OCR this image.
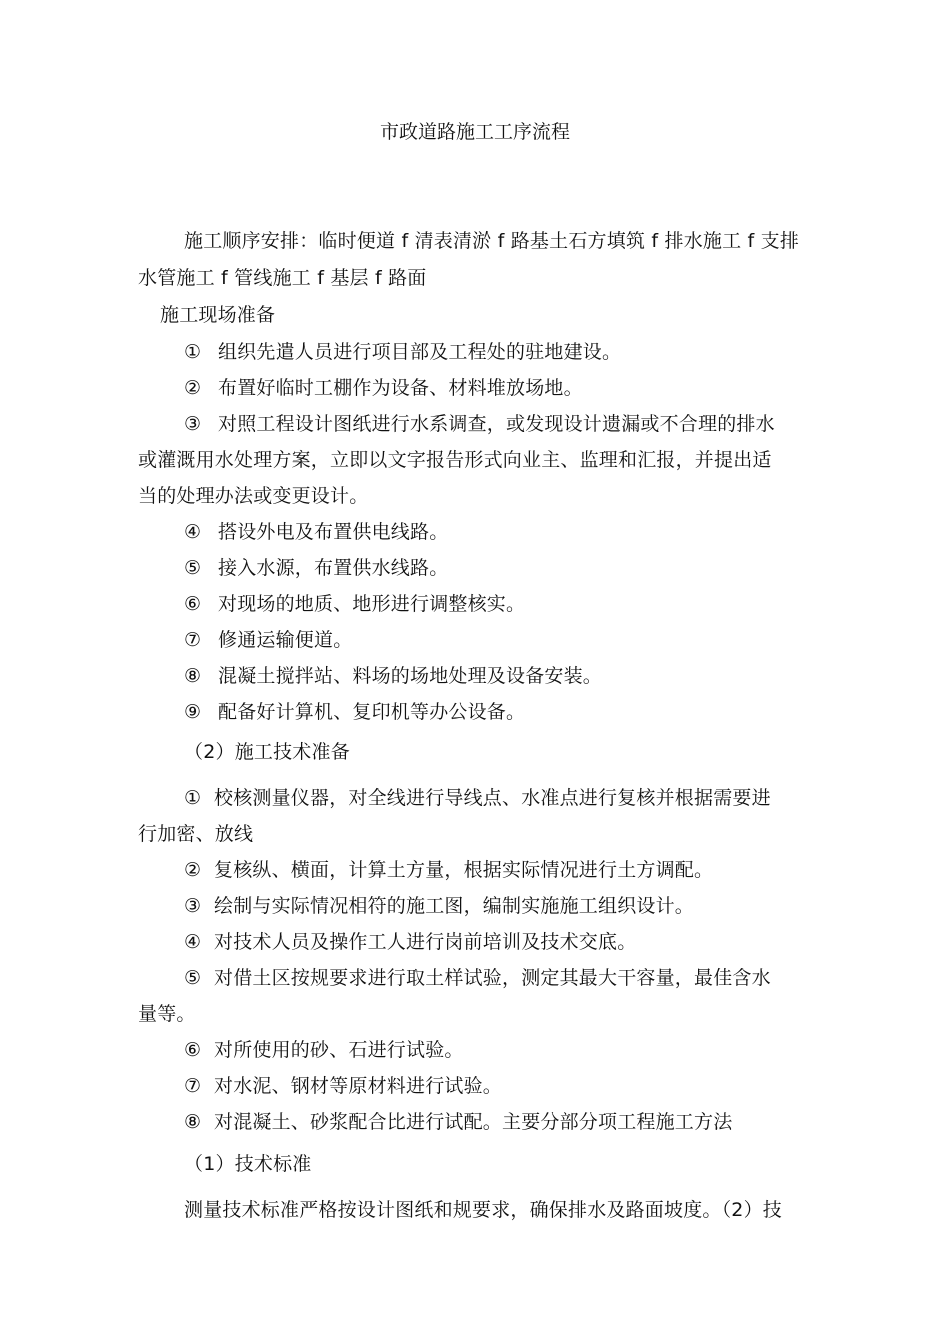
市政道路施工工序流程
施工顺序安排：临时便道 f 清表清淤 f 路基土石方填筑 f 排水施工 f 支排
水管施工 f 管线施工 f 基层 f 路面
施工现场准备
① 组织先遣人员进行项目部及工程处的驻地建设。
② 布置好临时工棚作为设备、材料堆放场地。
③ 对照工程设计图纸进行水系调查，或发现设计遗漏或不合理的排水
或灌溉用水处理方案，立即以文字报告形式向业主、监理和汇报，并提出适
当的处理办法或变更设计。
④ 搭设外电及布置供电线路。
⑤ 接入水源，布置供水线路。
⑥ 对现场的地质、地形进行调整核实。
⑦ 修通运输便道。
⑧ 混凝土搅拌站、料场的场地处理及设备安装。
⑨ 配备好计算机、复印机等办公设备。
（2）施工技术准备
① 校核测量仪器，对全线进行导线点、水准点进行复核并根据需要进
行加密、放线
② 复核纵、横面，计算土方量，根据实际情况进行土方调配。
③ 绘制与实际情况相符的施工图，编制实施施工组织设计。
④ 对技术人员及操作工人进行岗前培训及技术交底。
⑤ 对借土区按规要求进行取土样试验，测定其最大干容量，最佳含水
量等。
⑥ 对所使用的砂、石进行试验。
⑦ 对水泥、钢材等原材料进行试验。
⑧ 对混凝土、砂浆配合比进行试配。主要分部分项工程施工方法
（1）技术标准
测量技术标准严格按设计图纸和规要求，确保排水及路面坡度。（2）技
